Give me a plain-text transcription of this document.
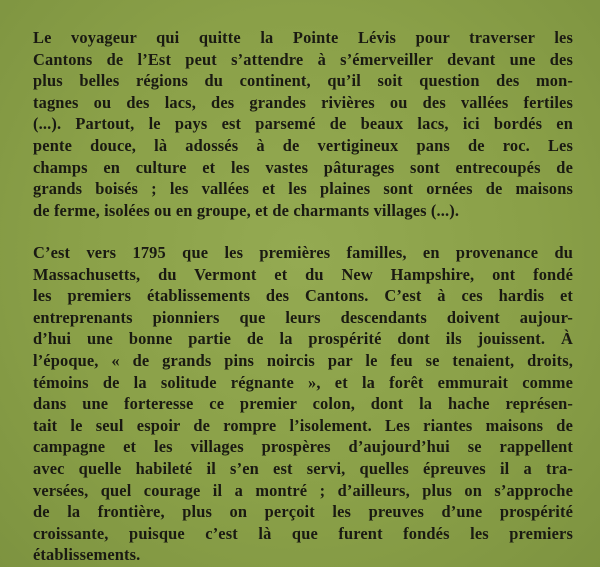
Le voyageur qui quitte la Pointe Lévis pour traverser les
Cantons de l’Est peut s’attendre à s’émerveiller devant une des
plus belles régions du continent, qu’il soit question des mon-
tagnes ou des lacs, des grandes rivières ou des vallées fertiles
(...). Partout, le pays est parsemé de beaux lacs, ici bordés en
pente douce, là adossés à de vertigineux pans de roc. Les
champs en culture et les vastes pâturages sont entrecoupés de
grands boisés ; les vallées et les plaines sont ornées de maisons
de ferme, isolées ou en groupe, et de charmants villages (...).

C’est vers 1795 que les premières familles, en provenance du
Massachusetts, du Vermont et du New Hampshire, ont fondé
les premiers établissements des Cantons. C’est à ces hardis et
entreprenants pionniers que leurs descendants doivent aujour-
d’hui une bonne partie de la prospérité dont ils jouissent. À
l’époque, « de grands pins noircis par le feu se tenaient, droits,
témoins de la solitude régnante », et la forêt emmurait comme
dans une forteresse ce premier colon, dont la hache représen-
tait le seul espoir de rompre l’isolement. Les riantes maisons de
campagne et les villages prospères d’aujourd’hui se rappellent
avec quelle habileté il s’en est servi, quelles épreuves il a tra-
versées, quel courage il a montré ; d’ailleurs, plus on s’approche
de la frontière, plus on perçoit les preuves d’une prospérité
croissante, puisque c’est là que furent fondés les premiers
établissements.
